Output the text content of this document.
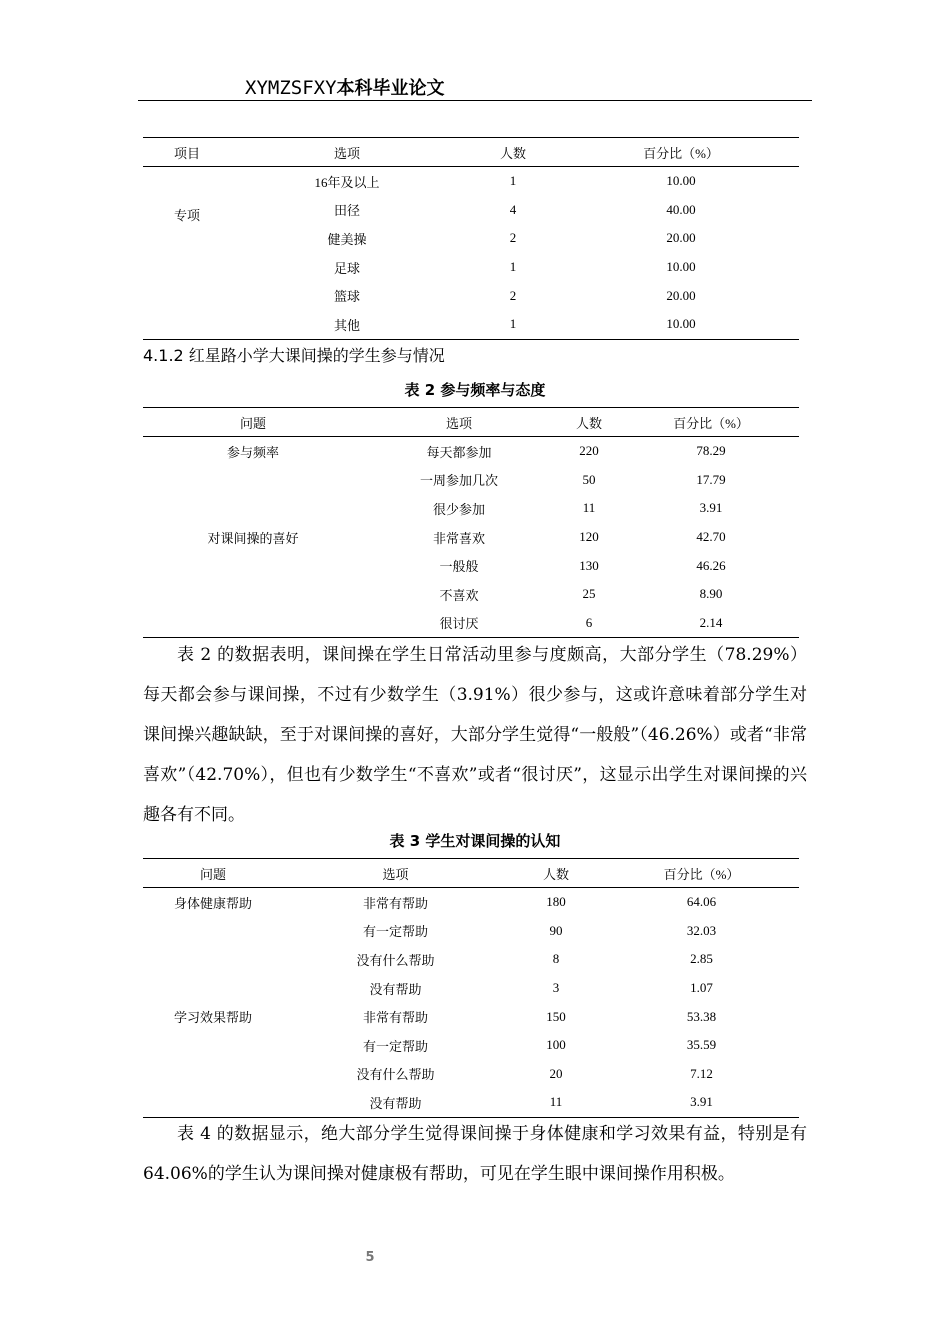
XYMZSFXY本科毕业论文
项目	选项	人数	百分比（%）
专项	16年及以上	1	10.00
	田径	4	40.00
	健美操	2	20.00
	足球	1	10.00
	篮球	2	20.00
	其他	1	10.00
4.1.2 红星路小学大课间操的学生参与情况
表 2 参与频率与态度
问题	选项	人数	百分比（%）
参与频率	每天都参加	220	78.29
	一周参加几次	50	17.79
	很少参加	11	3.91
对课间操的喜好	非常喜欢	120	42.70
	一般般	130	46.26
	不喜欢	25	8.90
	很讨厌	6	2.14
表 2 的数据表明，课间操在学生日常活动里参与度颇高，大部分学生（78.29%）每天都会参与课间操，不过有少数学生（3.91%）很少参与，这或许意味着部分学生对课间操兴趣缺缺，至于对课间操的喜好，大部分学生觉得“一般般”（46.26%）或者“非常喜欢”（42.70%），但也有少数学生“不喜欢”或者“很讨厌”，这显示出学生对课间操的兴趣各有不同。
表 3 学生对课间操的认知
问题	选项	人数	百分比（%）
身体健康帮助	非常有帮助	180	64.06
	有一定帮助	90	32.03
	没有什么帮助	8	2.85
	没有帮助	3	1.07
学习效果帮助	非常有帮助	150	53.38
	有一定帮助	100	35.59
	没有什么帮助	20	7.12
	没有帮助	11	3.91
表 4 的数据显示，绝大部分学生觉得课间操于身体健康和学习效果有益，特别是有 64.06%的学生认为课间操对健康极有帮助，可见在学生眼中课间操作用积极。
5
